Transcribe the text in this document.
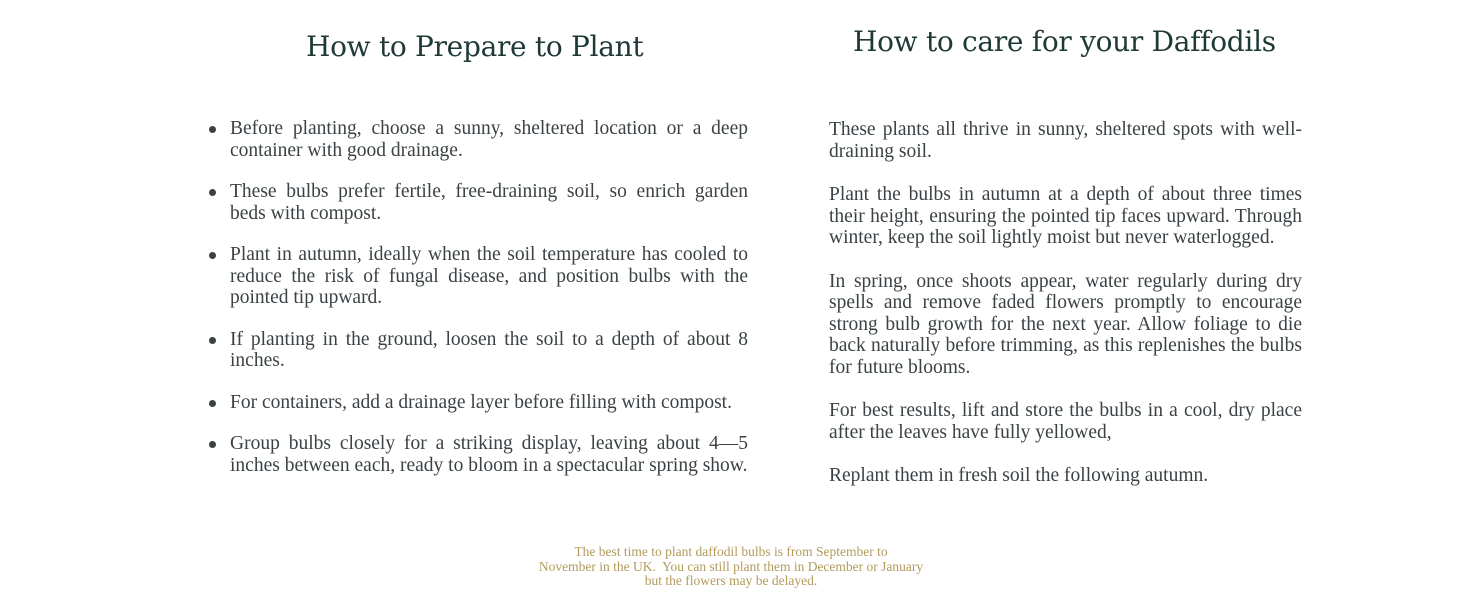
How to Prepare to Plant	How to care for your Daffodils
Before planting, choose a sunny, sheltered location or a deep container with good drainage.
These bulbs prefer fertile, free-draining soil, so enrich garden beds with compost.
Plant in autumn, ideally when the soil temperature has cooled to reduce the risk of fungal disease, and position bulbs with the pointed tip upward.
If planting in the ground, loosen the soil to a depth of about 8 inches.
For containers, add a drainage layer before filling with compost.
Group bulbs closely for a striking display, leaving about 4—5 inches between each, ready to bloom in a spectacular spring show.

These plants all thrive in sunny, sheltered spots with well-draining soil.

Plant the bulbs in autumn at a depth of about three times their height, ensuring the pointed tip faces upward. Through winter, keep the soil lightly moist but never waterlogged.

In spring, once shoots appear, water regularly during dry spells and remove faded flowers promptly to encourage strong bulb growth for the next year. Allow foliage to die back naturally before trimming, as this replenishes the bulbs for future blooms.

For best results, lift and store the bulbs in a cool, dry place after the leaves have fully yellowed,

Replant them in fresh soil the following autumn.

The best time to plant daffodil bulbs is from September to
November in the UK.  You can still plant them in December or January
but the flowers may be delayed.
